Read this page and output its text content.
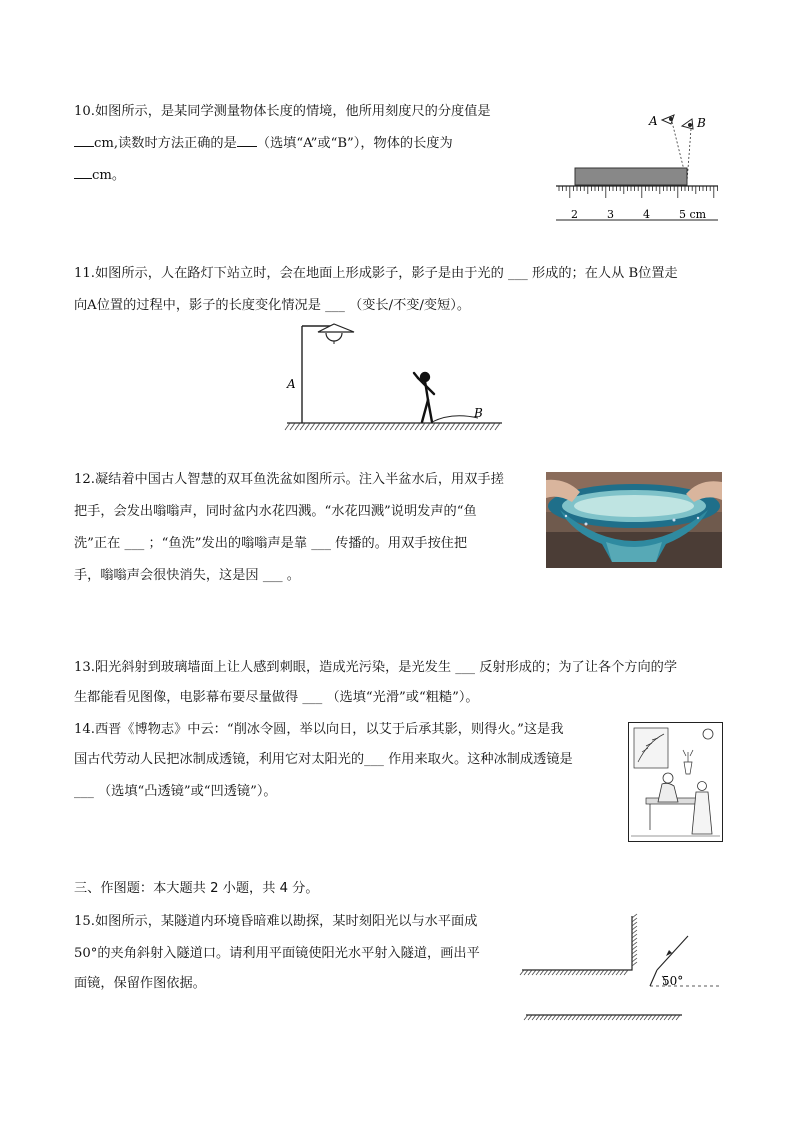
10.如图所示，是某同学测量物体长度的情境，他所用刻度尺的分度值是
cm,读数时方法正确的是 （选填“A”或“B”），物体的长度为
cm。
A	B
2	3	4	5 cm
11.如图所示，人在路灯下站立时，会在地面上形成影子，影子是由于光的 ___ 形成的；在人从 B位置走
向A位置的过程中，影子的长度变化情况是 ___ （变长/不变/变短）。
A
B
12.凝结着中国古人智慧的双耳鱼洗盆如图所示。注入半盆水后，用双手搓
把手，会发出嗡嗡声，同时盆内水花四溅。“水花四溅”说明发声的“鱼
洗”正在 ___ ；“鱼洗”发出的嗡嗡声是靠 ___ 传播的。用双手按住把
手，嗡嗡声会很快消失，这是因 ___ 。
13.阳光斜射到玻璃墙面上让人感到刺眼，造成光污染，是光发生 ___ 反射形成的；为了让各个方向的学
生都能看见图像，电影幕布要尽量做得 ___ （选填“光滑”或“粗糙”）。
14.西晋《博物志》中云：“削冰令圆，举以向日，以艾于后承其影，则得火。”这是我
国古代劳动人民把冰制成透镜，利用它对太阳光的___ 作用来取火。这种冰制成透镜是
___ （选填“凸透镜”或“凹透镜”）。
三、作图题：本大题共 2 小题，共 4 分。
15.如图所示，某隧道内环境昏暗难以勘探，某时刻阳光以与水平面成
50°的夹角斜射入隧道口。请利用平面镜使阳光水平射入隧道，画出平
面镜，保留作图依据。	50°
